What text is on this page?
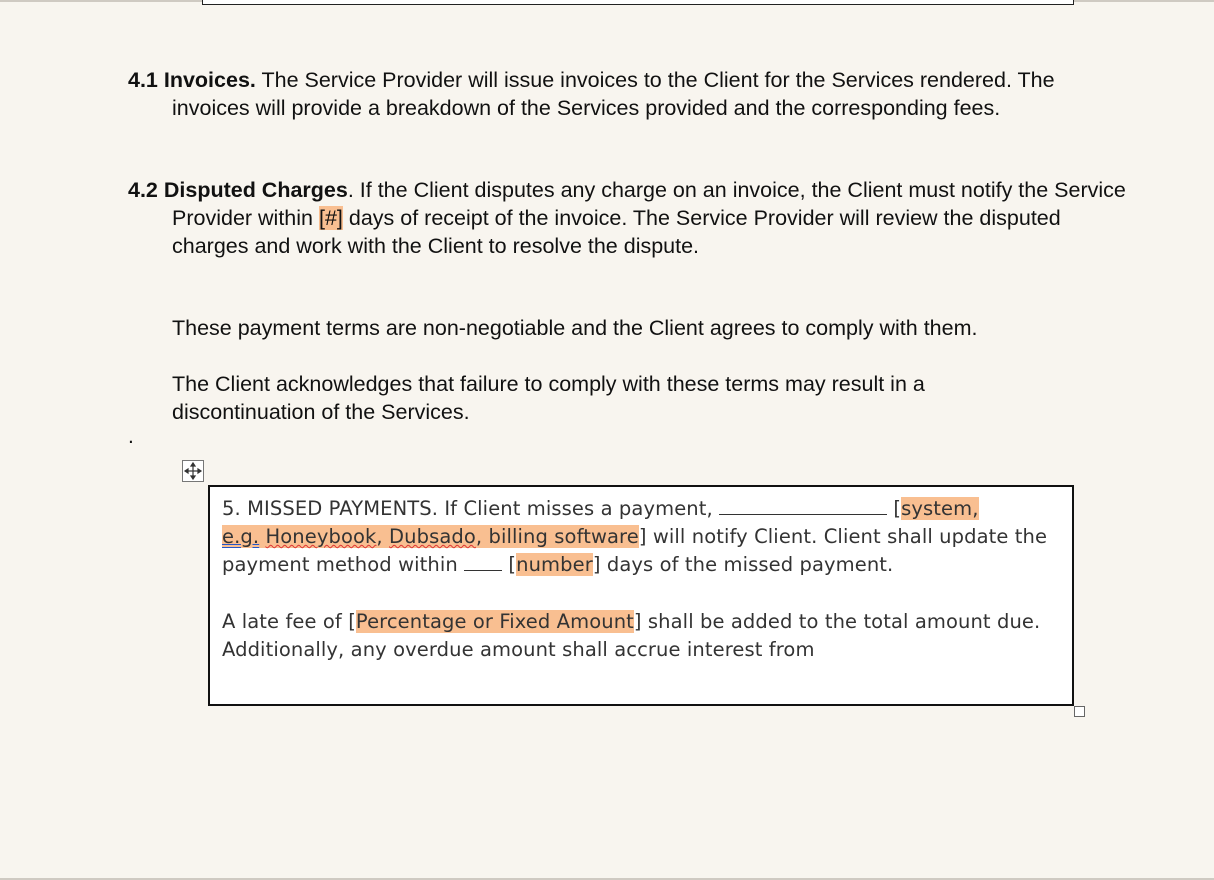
4.1 Invoices. The Service Provider will issue invoices to the Client for the Services rendered. The invoices will provide a breakdown of the Services provided and the corresponding fees.
4.2 Disputed Charges. If the Client disputes any charge on an invoice, the Client must notify the Service Provider within [#] days of receipt of the invoice. The Service Provider will review the disputed charges and work with the Client to resolve the dispute.
These payment terms are non-negotiable and the Client agrees to comply with them.
The Client acknowledges that failure to comply with these terms may result in a discontinuation of the Services.
.

5. MISSED PAYMENTS. If Client misses a payment,	[system,
e.g. Honeybook, Dubsado, billing software] will notify Client. Client shall update the payment method within  [number] days of the missed payment.

A late fee of [Percentage or Fixed Amount] shall be added to the total amount due. Additionally, any overdue amount shall accrue interest from
